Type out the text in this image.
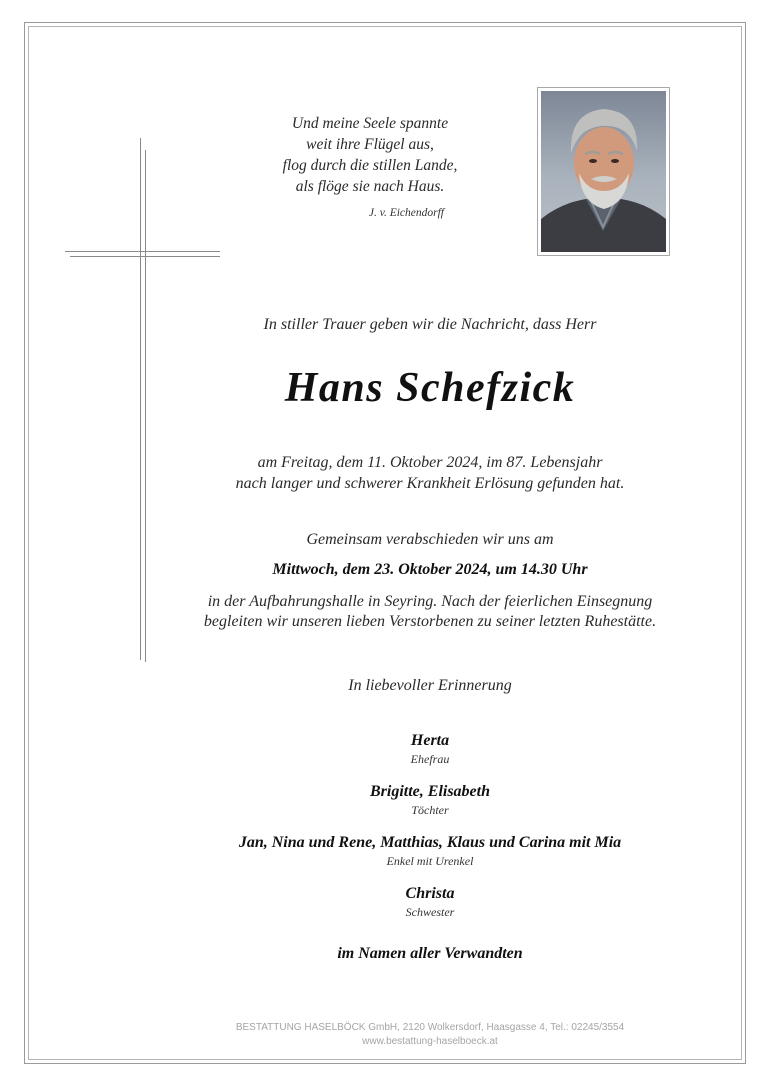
Und meine Seele spannte
weit ihre Flügel aus,
flog durch die stillen Lande,
als flöge sie nach Haus.
J. v. Eichendorff
In stiller Trauer geben wir die Nachricht, dass Herr
Hans Schefzick
am Freitag, dem 11. Oktober 2024, im 87. Lebensjahr
nach langer und schwerer Krankheit Erlösung gefunden hat.
Gemeinsam verabschieden wir uns am
Mittwoch, dem 23. Oktober 2024, um 14.30 Uhr
in der Aufbahrungshalle in Seyring. Nach der feierlichen Einsegnung
begleiten wir unseren lieben Verstorbenen zu seiner letzten Ruhestätte.
In liebevoller Erinnerung
Herta
Ehefrau
Brigitte, Elisabeth
Töchter
Jan, Nina und Rene, Matthias, Klaus und Carina mit Mia
Enkel mit Urenkel
Christa
Schwester
im Namen aller Verwandten
BESTATTUNG HASELBÖCK GmbH, 2120 Wolkersdorf, Haasgasse 4, Tel.: 02245/3554
www.bestattung-haselboeck.at
